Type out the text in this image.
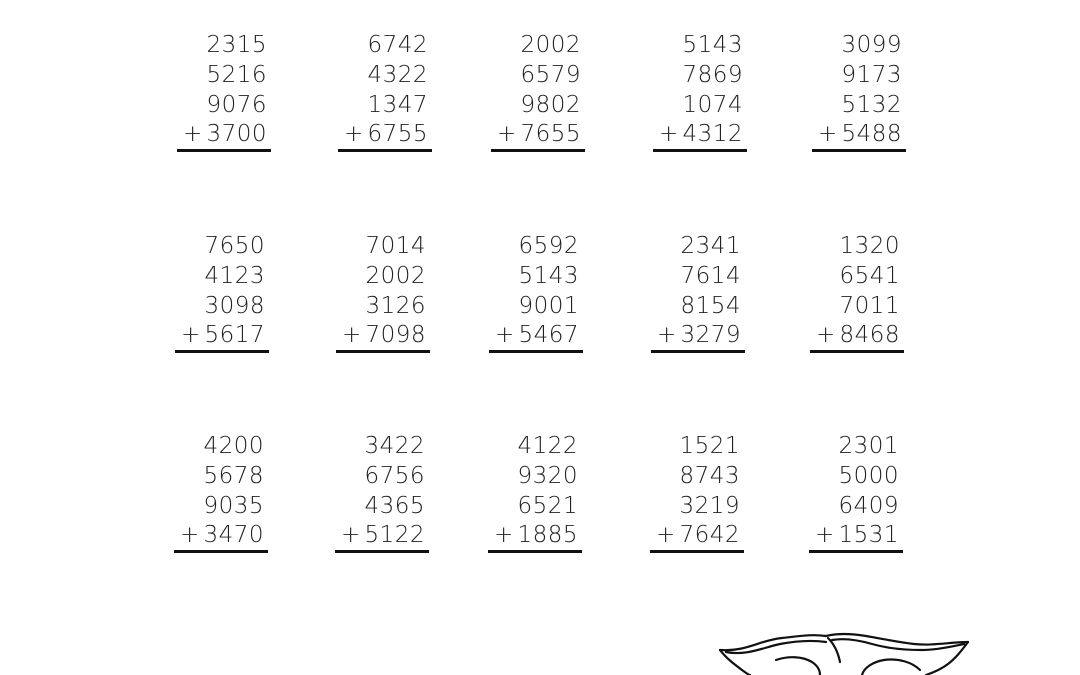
2315
5216
9076
+ 3700
6742
4322
1347
+ 6755
2002
6579
9802
+ 7655
5143
7869
1074
+ 4312
3099
9173
5132
+ 5488
7650
4123
3098
+ 5617
7014
2002
3126
+ 7098
6592
5143
9001
+ 5467
2341
7614
8154
+ 3279
1320
6541
7011
+ 8468
4200
5678
9035
+ 3470
3422
6756
4365
+ 5122
4122
9320
6521
+ 1885
1521
8743
3219
+ 7642
2301
5000
6409
+ 1531
